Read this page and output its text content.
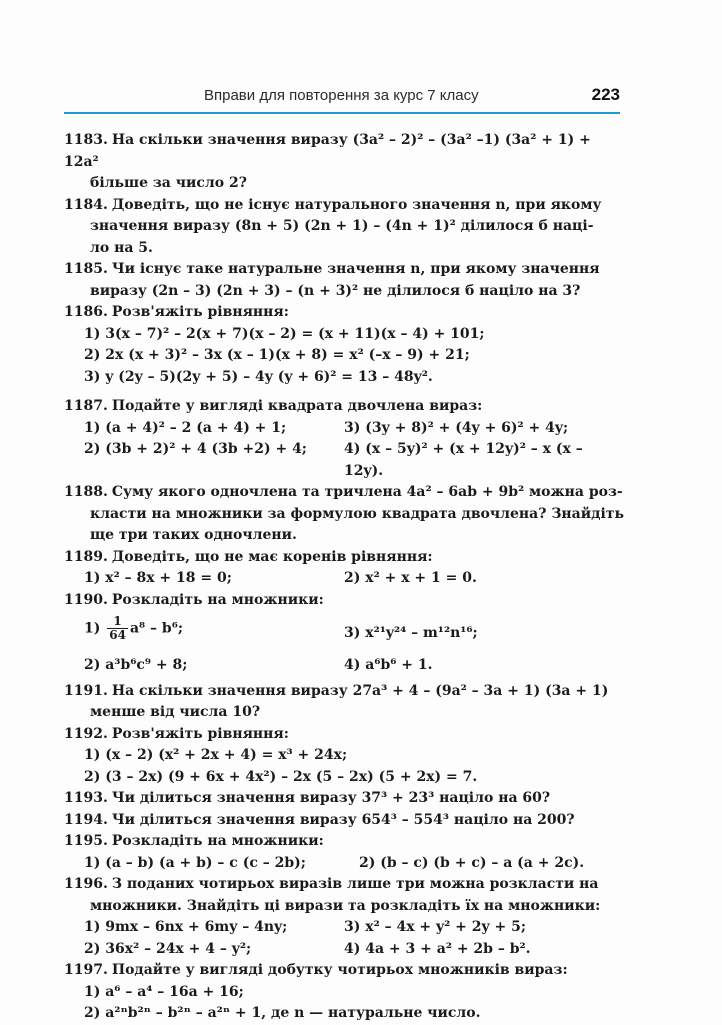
Вправи для повторення за курс 7 класу	223

1183. На скільки значення виразу (3a² – 2)² – (3a² –1) (3a² + 1) + 12a²

більше за число 2?

1184. Доведіть, що не існує натурального значення n, при якому

значення виразу (8n + 5) (2n + 1) – (4n + 1)² ділилося б наці-

ло на 5.

1185. Чи існує таке натуральне значення n, при якому значення

виразу (2n – 3) (2n + 3) – (n + 3)² не ділилося б націло на 3?

1186. Розв'яжіть рівняння:

1) 3(x – 7)² – 2(x + 7)(x – 2) = (x + 11)(x – 4) + 101;

2) 2x (x + 3)² – 3x (x – 1)(x + 8) = x² (–x – 9) + 21;

3) y (2y – 5)(2y + 5) – 4y (y + 6)² = 13 – 48y².

1187. Подайте у вигляді квадрата двочлена вираз:

1) (a + 4)² – 2 (a + 4) + 1;	3) (3y + 8)² + (4y + 6)² + 4y;
2) (3b + 2)² + 4 (3b +2) + 4;	4) (x – 5y)² + (x + 12y)² – x (x – 12y).

1188. Суму якого одночлена та тричлена 4a² – 6ab + 9b² можна роз-

класти на множники за формулою квадрата двочлена? Знайдіть

ще три таких одночлени.

1189. Доведіть, що не має коренів рівняння:

1) x² – 8x + 18 = 0;	2) x² + x + 1 = 0.

1190. Розкладіть на множники:

$1) \frac{1}{64} a^8 - b^6$;	3) x²¹y²⁴ – m¹²n¹⁶;
2) a³b⁶c⁹ + 8;	4) a⁶b⁶ + 1.

1191. На скільки значення виразу 27a³ + 4 – (9a² – 3a + 1) (3a + 1)

менше від числа 10?

1192. Розв'яжіть рівняння:

1) (x – 2) (x² + 2x + 4) = x³ + 24x;

2) (3 – 2x) (9 + 6x + 4x²) – 2x (5 – 2x) (5 + 2x) = 7.

1193. Чи ділиться значення виразу 37³ + 23³ націло на 60?

1194. Чи ділиться значення виразу 654³ – 554³ націло на 200?

1195. Розкладіть на множники:

1) (a – b) (a + b) – c (c – 2b);	2) (b – c) (b + c) – a (a + 2c).

1196. З поданих чотирьох виразів лише три можна розкласти на

множники. Знайдіть ці вирази та розкладіть їх на множники:

1) 9mx – 6nx + 6my – 4ny;	3) x² – 4x + y² + 2y + 5;
2) 36x² – 24x + 4 – y²;	4) 4a + 3 + a² + 2b – b².

1197. Подайте у вигляді добутку чотирьох множників вираз:

1) a⁶ – a⁴ – 16a + 16;

2) a²ⁿb²ⁿ – b²ⁿ – a²ⁿ + 1, де n — натуральне число.
